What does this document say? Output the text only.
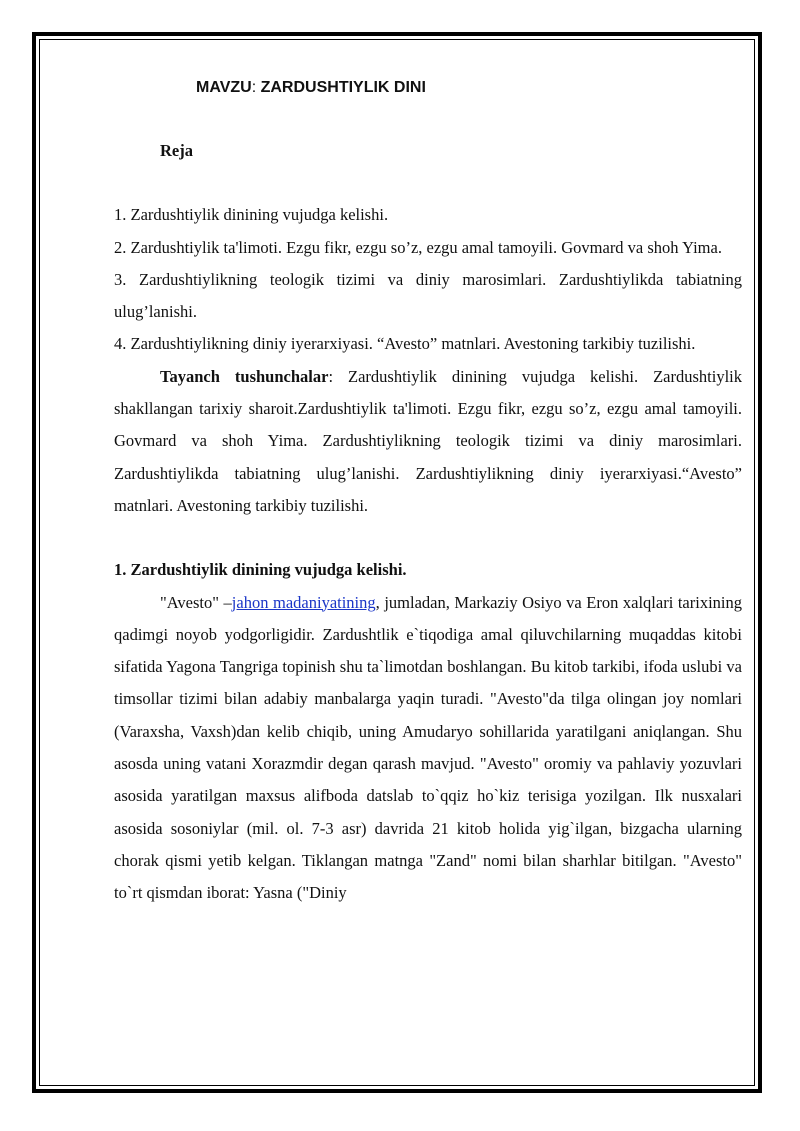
MAVZU: ZARDUSHTIYLIK DINI
Reja

1. Zardushtiylik dinining vujudga kelishi.

2. Zardushtiylik ta'limoti. Ezgu fikr, ezgu so’z, ezgu amal tamoyili. Govmard va shoh Yima.

3. Zardushtiylikning teologik tizimi va diniy marosimlari. Zardushtiylikda tabiatning ulug’lanishi.

4. Zardushtiylikning diniy iyerarxiyasi. “Avesto” matnlari. Avestoning tarkibiy tuzilishi.

Tayanch tushunchalar: Zardushtiylik dinining vujudga kelishi. Zardushtiylik shakllangan tarixiy sharoit.Zardushtiylik ta'limoti. Ezgu fikr, ezgu so’z, ezgu amal tamoyili. Govmard va shoh Yima. Zardushtiylikning teologik tizimi va diniy marosimlari. Zardushtiylikda tabiatning ulug’lanishi. Zardushtiylikning diniy iyerarxiyasi.“Avesto” matnlari. Avestoning tarkibiy tuzilishi.

1. Zardushtiylik dinining vujudga kelishi.

"Avesto" –jahon madaniyatining, jumladan, Markaziy Osiyo va Eron xalqlari tarixining qadimgi noyob yodgorligidir. Zardushtlik e`tiqodiga amal qiluvchilarning muqaddas kitobi sifatida Yagona Tangriga topinish shu ta`limotdan boshlangan. Bu kitob tarkibi, ifoda uslubi va timsollar tizimi bilan adabiy manbalarga yaqin turadi. "Avesto"da tilga olingan joy nomlari (Varaxsha, Vaxsh)dan kelib chiqib, uning Amudaryo sohillarida yaratilgani aniqlangan. Shu asosda uning vatani Xorazmdir degan qarash mavjud. "Avesto" oromiy va pahlaviy yozuvlari asosida yaratilgan maxsus alifboda datslab to`qqiz ho`kiz terisiga yozilgan. Ilk nusxalari asosida sosoniylar (mil. ol. 7-3 asr) davrida 21 kitob holida yig`ilgan, bizgacha ularning chorak qismi yetib kelgan. Tiklangan matnga "Zand" nomi bilan sharhlar bitilgan. "Avesto" to`rt qismdan iborat: Yasna ("Diniy
